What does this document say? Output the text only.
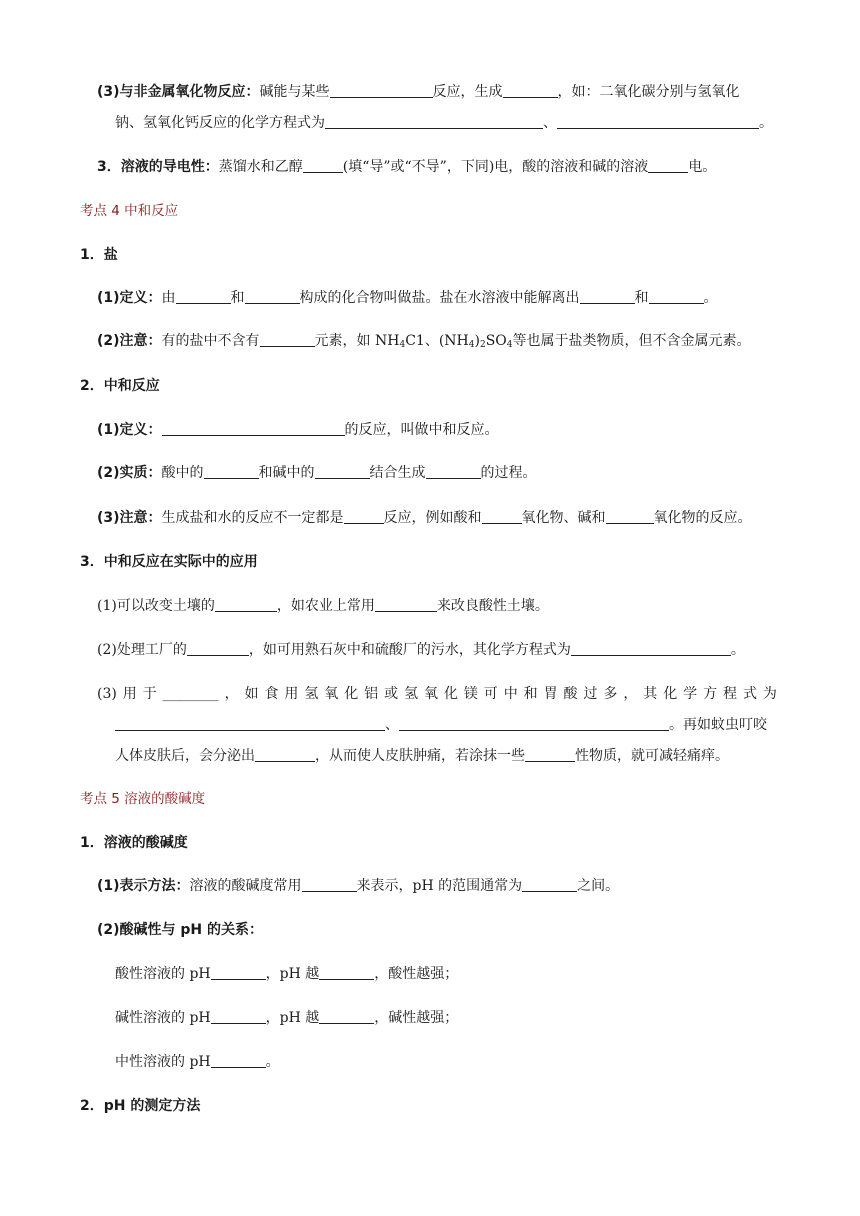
(3)与非金属氧化物反应：碱能与某些	反应，生成	，如：二氧化碳分别与氢氧化
钠、氢氧化钙反应的化学方程式为	、	。
3．溶液的导电性：蒸馏水和乙醇	(填“导”或“不导”，下同)电，酸的溶液和碱的溶液	电。
考点 4 中和反应
1．盐
(1)定义：由	和	构成的化合物叫做盐。盐在水溶液中能解离出	和	。
(2)注意：有的盐中不含有	元素，如 $NH_4C1$、$(NH_4)_2SO_4$等也属于盐类物质，但不含金属元素。
2．中和反应
(1)定义：	的反应，叫做中和反应。
(2)实质：酸中的	和碱中的	结合生成	的过程。
(3)注意：生成盐和水的反应不一定都是	反应，例如酸和	氧化物、碱和	氧化物的反应。
3．中和反应在实际中的应用
(1)可以改变土壤的	，如农业上常用	来改良酸性土壤。
(2)处理工厂的	，如可用熟石灰中和硫酸厂的污水，其化学方程式为	。
(3) 用 于 ________ ， 如 食 用 氢 氧 化 铝 或 氢 氧 化 镁 可 中 和 胃 酸 过 多 ， 其 化 学 方 程 式 为
、	。再如蚊虫叮咬
人体皮肤后，会分泌出	，从而使人皮肤肿痛，若涂抹一些	性物质，就可减轻痛痒。
考点 5 溶液的酸碱度
1．溶液的酸碱度
(1)表示方法：溶液的酸碱度常用	来表示，pH 的范围通常为	之间。
(2)酸碱性与 pH 的关系：
酸性溶液的 pH	，pH 越	，酸性越强；
碱性溶液的 pH	，pH 越	，碱性越强；
中性溶液的 pH	。
2．pH 的测定方法
